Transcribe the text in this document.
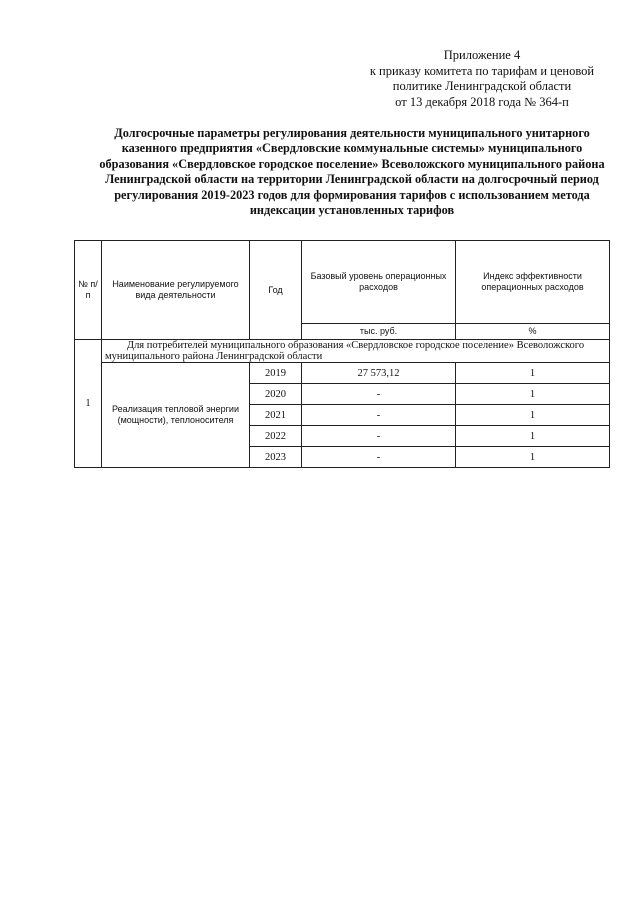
Приложение 4
к приказу комитета по тарифам и ценовой
политике Ленинградской области
от 13 декабря 2018 года № 364-п
Долгосрочные параметры регулирования деятельности муниципального унитарного
казенного предприятия «Свердловские коммунальные системы» муниципального
образования «Свердловское городское поселение» Всеволожского муниципального района
Ленинградской области на территории Ленинградской области на долгосрочный период
регулирования 2019-2023 годов для формирования тарифов с использованием метода
индексации установленных тарифов
№ п/п	Наименование регулируемого вида деятельности	Год	Базовый уровень операционных расходов	Индекс эффективности операционных расходов
			тыс. руб.	%
1	Для потребителей муниципального образования «Свердловское городское поселение» Всеволожского муниципального района Ленинградской области			
	Реализация тепловой энергии (мощности), теплоносителя	2019	27 573,12	1
		2020	-	1
		2021	-	1
		2022	-	1
		2023	-	1
